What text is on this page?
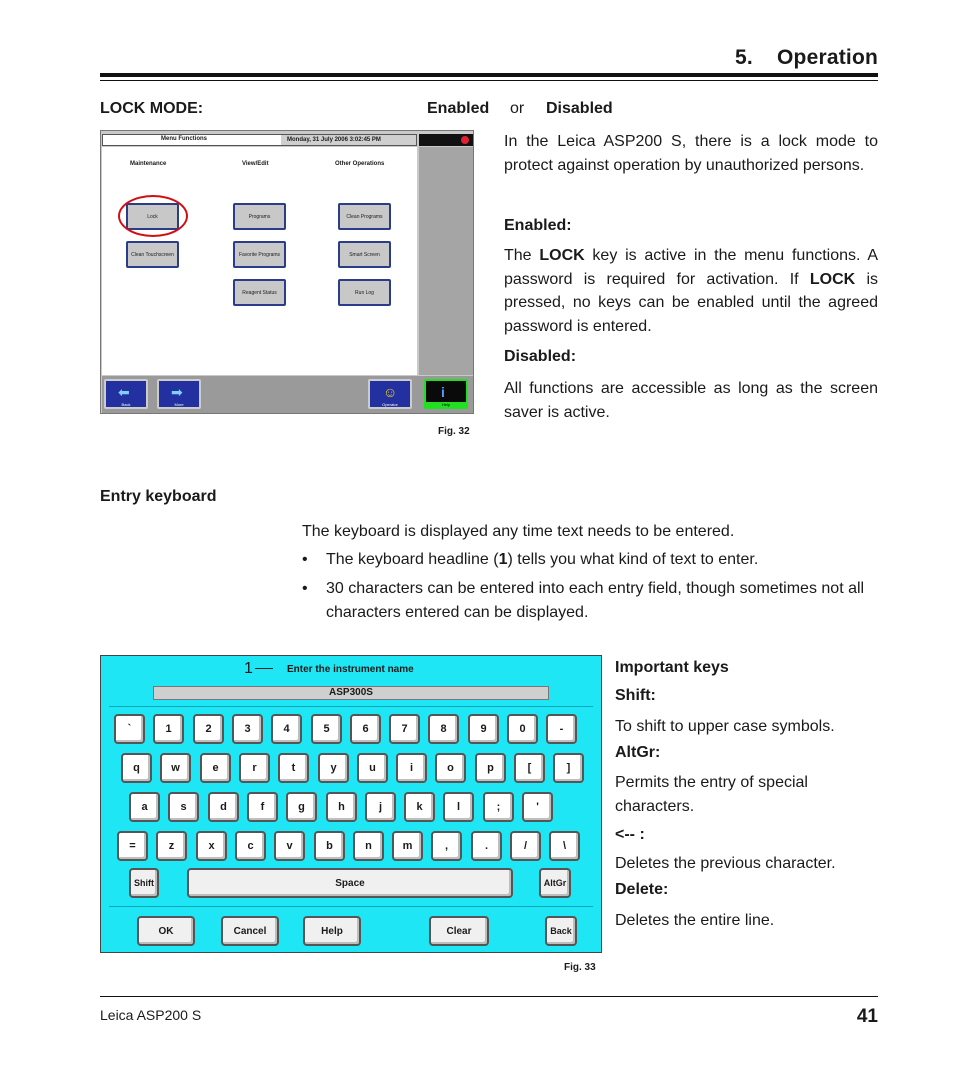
5.    Operation
LOCK MODE:	Enabled or Disabled
Menu Functions	Monday, 31 July 2006 3:02:45 PM
Maintenance	View/Edit	Other Operations
Lock
Clean Touchscreen
Programs
Favorite Programs
Reagent Status
Clean Programs
Smart Screen
Run Log
⬅
Back
➡
More
☺
Operator
i
Help
Fig. 32
In the Leica ASP200 S, there is a lock mode to protect against operation by unauthorized persons.
Enabled:
The LOCK key is active in the menu functions. A password is required for activation. If LOCK is pressed, no keys can be enabled until the agreed password is entered.
Disabled:
All functions are accessible as long as the screen saver is active.
Entry keyboard
The keyboard is displayed any time text needs to be entered.
• The keyboard headline (1) tells you what kind of text to enter.
• 30 characters can be entered into each entry field, though sometimes not all characters entered can be displayed.
Enter the instrument name
ASP300S
`	1	2	3	4	5	6	7	8	9	0	-
q	w	e	r	t	y	u	i	o	p	[	]
a	s	d	f	g	h	j	k	l	;	'
=	z	x	c	v	b	n	m	,	.	/	\
Shift	Space	AltGr
OK	Cancel	Help	Clear	Back
1
Fig. 33
Important keys
Shift:
To shift to upper case symbols.
AltGr:
Permits the entry of special characters.
<-- :
Deletes the previous character.
Delete:
Deletes the entire line.
Leica ASP200 S	41
